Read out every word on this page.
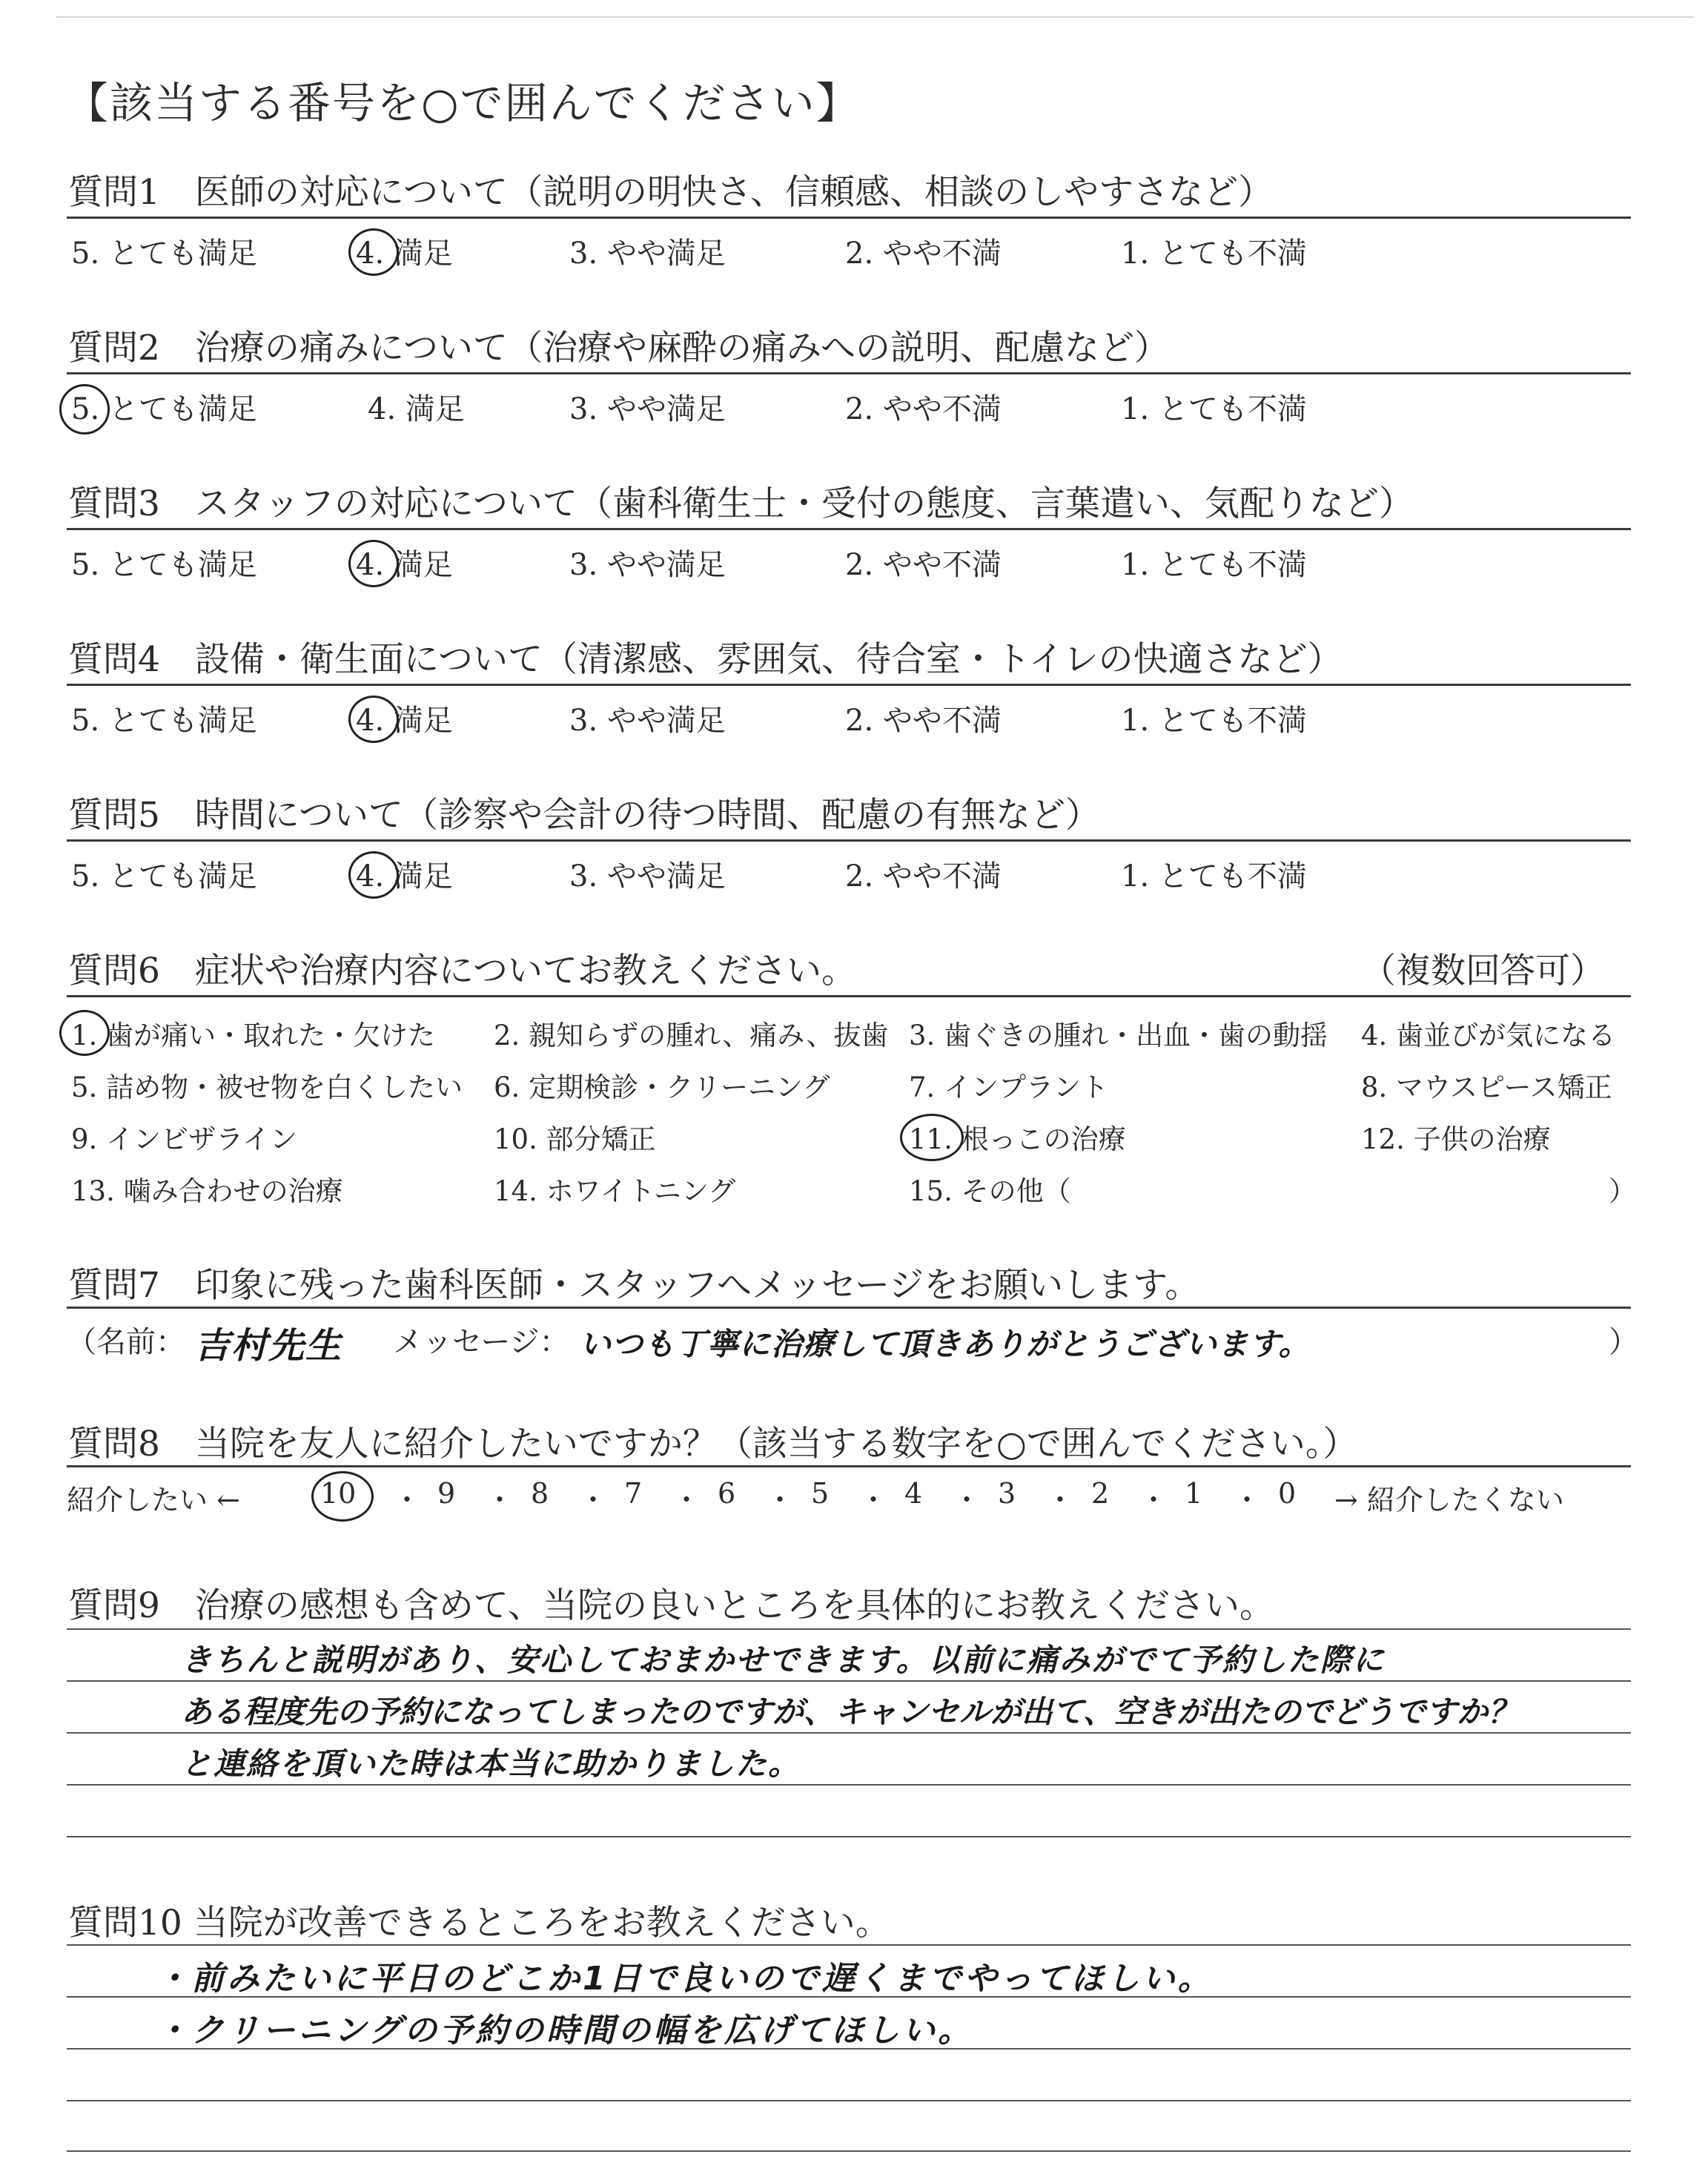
【該当する番号を○で囲んでください】
質問1　医師の対応について（説明の明快さ、信頼感、相談のしやすさなど）
5. とても満足	4. 満足	3. やや満足	2. やや不満	1. とても不満
質問2　治療の痛みについて（治療や麻酔の痛みへの説明、配慮など）
5. とても満足	4. 満足	3. やや満足	2. やや不満	1. とても不満
質問3　スタッフの対応について（歯科衛生士・受付の態度、言葉遣い、気配りなど）
5. とても満足	4. 満足	3. やや満足	2. やや不満	1. とても不満
質問4　設備・衛生面について（清潔感、雰囲気、待合室・トイレの快適さなど）
5. とても満足	4. 満足	3. やや満足	2. やや不満	1. とても不満
質問5　時間について（診察や会計の待つ時間、配慮の有無など）
5. とても満足	4. 満足	3. やや満足	2. やや不満	1. とても不満
質問6　症状や治療内容についてお教えください。	（複数回答可）
1. 歯が痛い・取れた・欠けた 2. 親知らずの腫れ、痛み、抜歯 3. 歯ぐきの腫れ・出血・歯の動揺 4. 歯並びが気になる
5. 詰め物・被せ物を白くしたい 6. 定期検診・クリーニング	7. インプラント	8. マウスピース矯正
9. インビザライン	10. 部分矯正	11. 根っこの治療	12. 子供の治療
13. 噛み合わせの治療	14. ホワイトニング	15. その他（	）
質問7　印象に残った歯科医師・スタッフへメッセージをお願いします。
（名前： 吉村先生 メッセージ： いつも丁寧に治療して頂きありがとうございます。	）
質問8　当院を友人に紹介したいですか？（該当する数字を○で囲んでください。）
紹介したい ←	10 ・ 9 ・ 8 ・ 7 ・ 6 ・ 5 ・ 4 ・ 3 ・ 2 ・ 1 ・ 0 → 紹介したくない
質問9　治療の感想も含めて、当院の良いところを具体的にお教えください。
きちんと説明があり、安心しておまかせできます。以前に痛みがでて予約した際に
ある程度先の予約になってしまったのですが、キャンセルが出て、空きが出たのでどうですか？
と連絡を頂いた時は本当に助かりました。
質問10 当院が改善できるところをお教えください。
・前みたいに平日のどこか1日で良いので遅くまでやってほしい。
・クリーニングの予約の時間の幅を広げてほしい。
